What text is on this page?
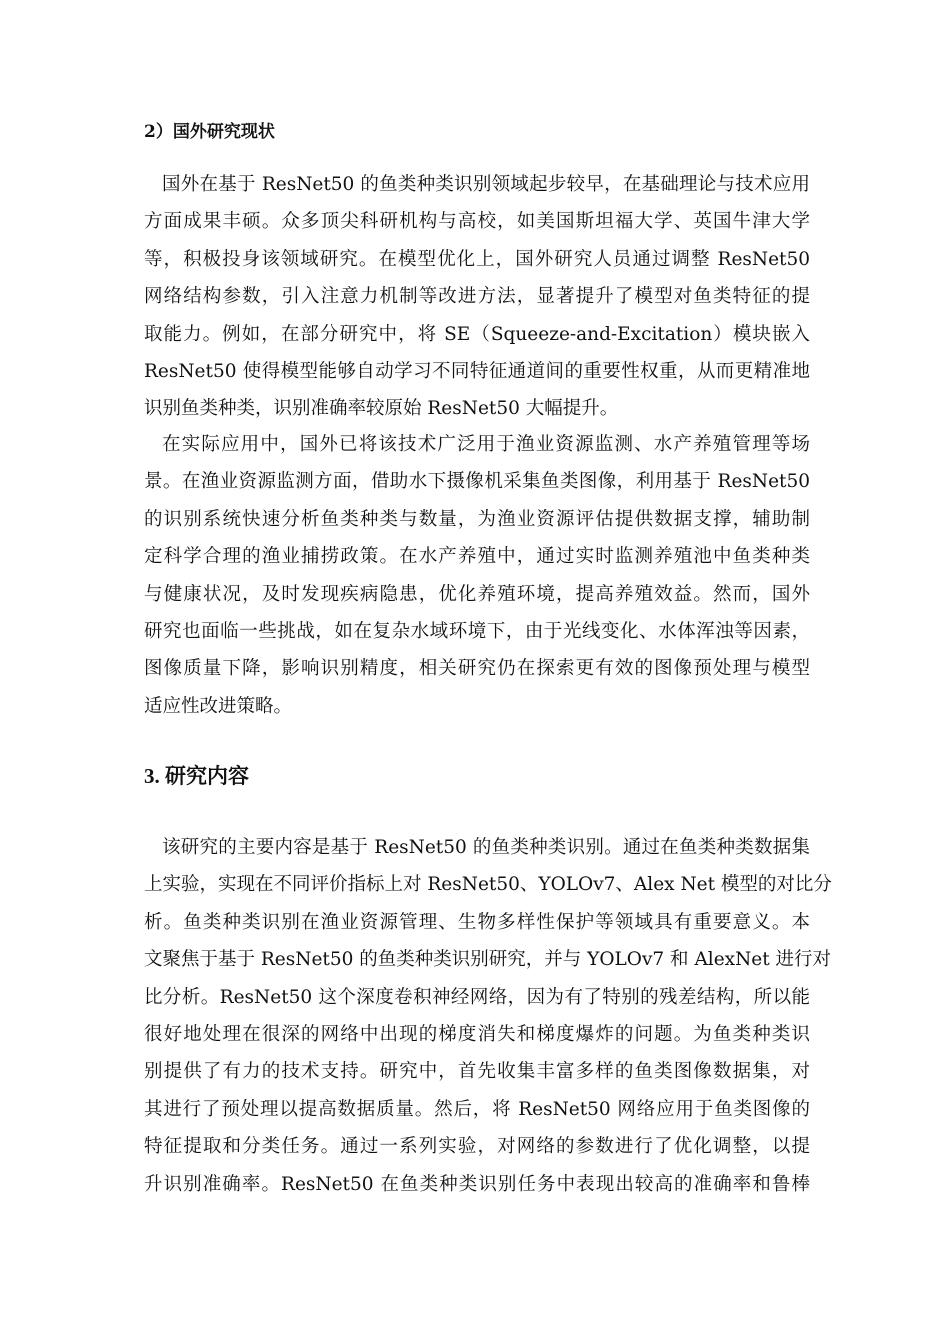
2）国外研究现状
国外在基于 ResNet50 的鱼类种类识别领域起步较早，在基础理论与技术应用
方面成果丰硕。众多顶尖科研机构与高校，如美国斯坦福大学、英国牛津大学
等，积极投身该领域研究。在模型优化上，国外研究人员通过调整 ResNet50
网络结构参数，引入注意力机制等改进方法，显著提升了模型对鱼类特征的提
取能力。例如，在部分研究中，将 SE（Squeeze-and-Excitation）模块嵌入
ResNet50 使得模型能够自动学习不同特征通道间的重要性权重，从而更精准地
识别鱼类种类，识别准确率较原始 ResNet50 大幅提升。
在实际应用中，国外已将该技术广泛用于渔业资源监测、水产养殖管理等场
景。在渔业资源监测方面，借助水下摄像机采集鱼类图像，利用基于 ResNet50
的识别系统快速分析鱼类种类与数量，为渔业资源评估提供数据支撑，辅助制
定科学合理的渔业捕捞政策。在水产养殖中，通过实时监测养殖池中鱼类种类
与健康状况，及时发现疾病隐患，优化养殖环境，提高养殖效益。然而，国外
研究也面临一些挑战，如在复杂水域环境下，由于光线变化、水体浑浊等因素，
图像质量下降，影响识别精度，相关研究仍在探索更有效的图像预处理与模型
适应性改进策略。
3. 研究内容
该研究的主要内容是基于 ResNet50 的鱼类种类识别。通过在鱼类种类数据集
上实验，实现在不同评价指标上对 ResNet50、YOLOv7、Alex Net 模型的对比分
析。鱼类种类识别在渔业资源管理、生物多样性保护等领域具有重要意义。本
文聚焦于基于 ResNet50 的鱼类种类识别研究，并与 YOLOv7 和 AlexNet 进行对
比分析。ResNet50 这个深度卷积神经网络，因为有了特别的残差结构，所以能
很好地处理在很深的网络中出现的梯度消失和梯度爆炸的问题。为鱼类种类识
别提供了有力的技术支持。研究中，首先收集丰富多样的鱼类图像数据集，对
其进行了预处理以提高数据质量。然后，将 ResNet50 网络应用于鱼类图像的
特征提取和分类任务。通过一系列实验，对网络的参数进行了优化调整，以提
升识别准确率。ResNet50 在鱼类种类识别任务中表现出较高的准确率和鲁棒
